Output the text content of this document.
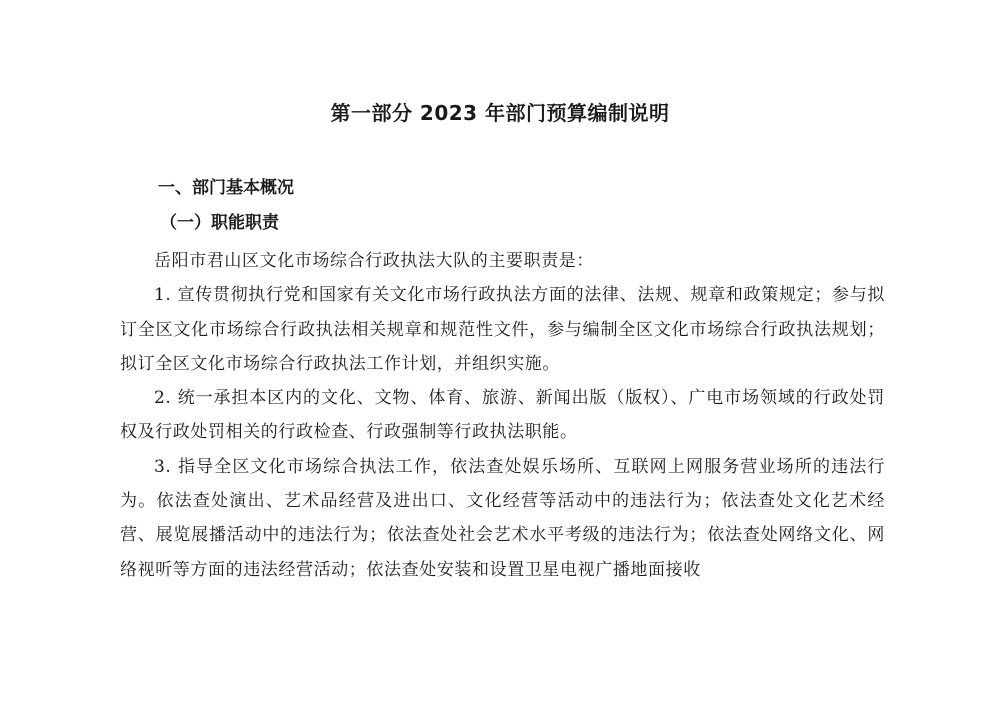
第一部分 2023 年部门预算编制说明
一、部门基本概况
（一）职能职责

岳阳市君山区文化市场综合行政执法大队的主要职责是：

1. 宣传贯彻执行党和国家有关文化市场行政执法方面的法律、法规、规章和政策规定；参与拟订全区文化市场综合行政执法相关规章和规范性文件，参与编制全区文化市场综合行政执法规划；拟订全区文化市场综合行政执法工作计划，并组织实施。

2. 统一承担本区内的文化、文物、体育、旅游、新闻出版（版权）、广电市场领域的行政处罚权及行政处罚相关的行政检查、行政强制等行政执法职能。

3. 指导全区文化市场综合执法工作，依法查处娱乐场所、互联网上网服务营业场所的违法行为。依法查处演出、艺术品经营及进出口、文化经营等活动中的违法行为；依法查处文化艺术经营、展览展播活动中的违法行为；依法查处社会艺术水平考级的违法行为；依法查处网络文化、网络视听等方面的违法经营活动；依法查处安装和设置卫星电视广播地面接收
